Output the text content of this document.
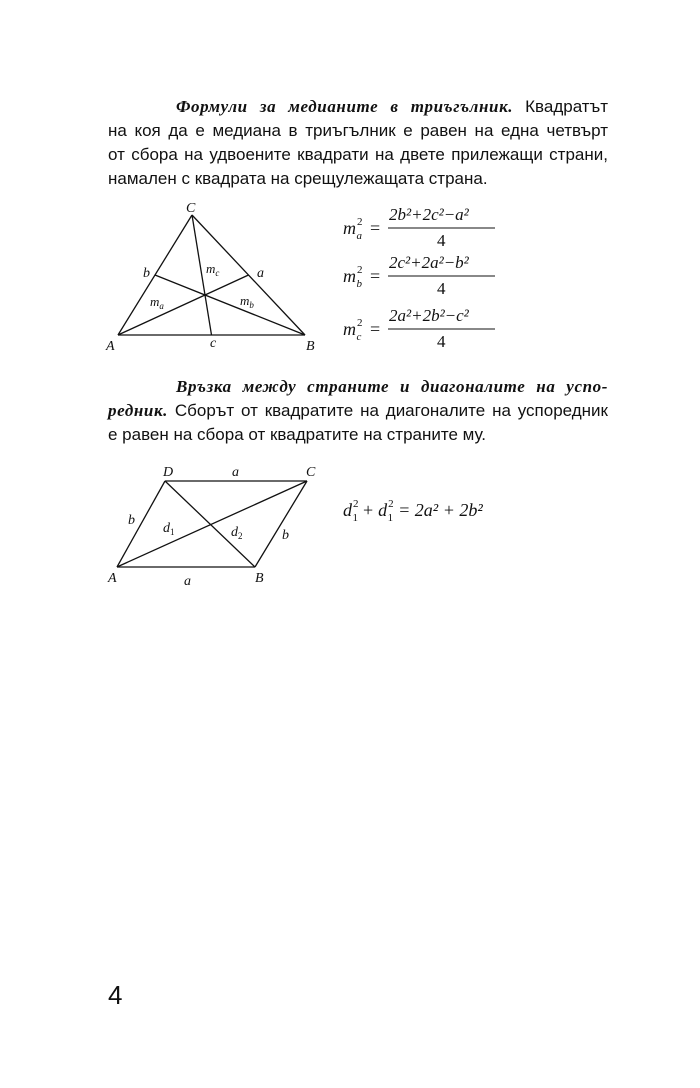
Формули за медианите в триъгълник. Квадратът
на коя да е медиана в триъгълник е равен на една четвърт
от сбора на удвоените квадрати на двете прилежащи страни,
намален с квадрата на срещулежащата страна.
C
A	B
b	a
c
$m_a$	$m_b$
$m_c$
$m^2$ a =
2b²+2c²−a²
4
$m^2$ b =
2c²+2a²−b²
4
$m^2$ c =
2a²+2b²−c²
4
Връзка между страните и диагоналите на успо-
редник. Сборът от квадратите на диагоналите на успоредник
е равен на сбора от квадратите на страните му.
D	C
A	B
a
a
b
b
$d_1$	$d_2$
$d^2$ $1 + d^2$ 1 = 2a² + 2b²
4
